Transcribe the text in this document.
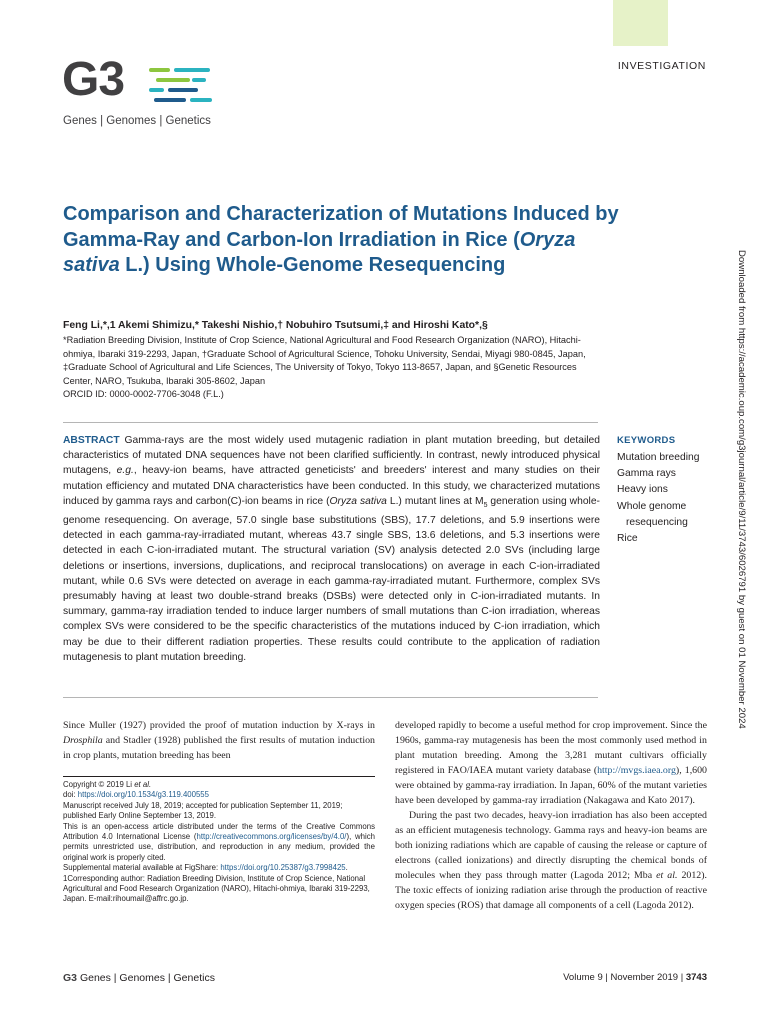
INVESTIGATION
G3
Genes | Genomes | Genetics
Comparison and Characterization of Mutations Induced by Gamma-Ray and Carbon-Ion Irradiation in Rice (Oryza sativa L.) Using Whole-Genome Resequencing
Feng Li,*,1 Akemi Shimizu,* Takeshi Nishio,† Nobuhiro Tsutsumi,‡ and Hiroshi Kato*,§
*Radiation Breeding Division, Institute of Crop Science, National Agricultural and Food Research Organization (NARO), Hitachi-ohmiya, Ibaraki 319-2293, Japan, †Graduate School of Agricultural Science, Tohoku University, Sendai, Miyagi 980-0845, Japan, ‡Graduate School of Agricultural and Life Sciences, The University of Tokyo, Tokyo 113-8657, Japan, and §Genetic Resources Center, NARO, Tsukuba, Ibaraki 305-8602, Japan
ORCID ID: 0000-0002-7706-3048 (F.L.)
ABSTRACT Gamma-rays are the most widely used mutagenic radiation in plant mutation breeding, but detailed characteristics of mutated DNA sequences have not been clarified sufficiently. In contrast, newly introduced physical mutagens, e.g., heavy-ion beams, have attracted geneticists' and breeders' interest and many studies on their mutation efficiency and mutated DNA characteristics have been conducted. In this study, we characterized mutations induced by gamma rays and carbon(C)-ion beams in rice (Oryza sativa L.) mutant lines at $M_5$ generation using whole-genome resequencing. On average, 57.0 single base substitutions (SBS), 17.7 deletions, and 5.9 insertions were detected in each gamma-ray-irradiated mutant, whereas 43.7 single SBS, 13.6 deletions, and 5.3 insertions were detected in each C-ion-irradiated mutant. The structural variation (SV) analysis detected 2.0 SVs (including large deletions or insertions, inversions, duplications, and reciprocal translocations) on average in each C-ion-irradiated mutant, while 0.6 SVs were detected on average in each gamma-ray-irradiated mutant. Furthermore, complex SVs presumably having at least two double-strand breaks (DSBs) were detected only in C-ion-irradiated mutants. In summary, gamma-ray irradiation tended to induce larger numbers of small mutations than C-ion irradiation, whereas complex SVs were considered to be the specific characteristics of the mutations induced by C-ion irradiation, which may be due to their different radiation properties. These results could contribute to the application of radiation mutagenesis to plant mutation breeding.
KEYWORDS
Mutation breeding
Gamma rays
Heavy ions
Whole genome resequencing
Rice

Since Muller (1927) provided the proof of mutation induction by X-rays in Drosphila and Stadler (1928) published the first results of mutation induction in crop plants, mutation breeding has been

Copyright © 2019 Li et al.
doi: https://doi.org/10.1534/g3.119.400555
Manuscript received July 18, 2019; accepted for publication September 11, 2019; published Early Online September 13, 2019.
This is an open-access article distributed under the terms of the Creative Commons Attribution 4.0 International License (http://creativecommons.org/licenses/by/4.0/), which permits unrestricted use, distribution, and reproduction in any medium, provided the original work is properly cited.
Supplemental material available at FigShare: https://doi.org/10.25387/g3.7998425.
1Corresponding author: Radiation Breeding Division, Institute of Crop Science, National Agricultural and Food Research Organization (NARO), Hitachi-ohmiya, Ibaraki 319-2293, Japan. E-mail:rihoumail@affrc.go.jp.

developed rapidly to become a useful method for crop improvement. Since the 1960s, gamma-ray mutagenesis has been the most commonly used method in plant mutation breeding. Among the 3,281 mutant cultivars officially registered in FAO/IAEA mutant variety database (http://mvgs.iaea.org), 1,600 were obtained by gamma-ray irradiation. In Japan, 60% of the mutant varieties have been developed by gamma-ray irradiation (Nakagawa and Kato 2017).

During the past two decades, heavy-ion irradiation has also been accepted as an efficient mutagenesis technology. Gamma rays and heavy-ion beams are both ionizing radiations which are capable of causing the release or capture of electrons (called ionizations) and directly disrupting the chemical bonds of molecules when they pass through matter (Lagoda 2012; Mba et al. 2012). The toxic effects of ionizing radiation arise through the production of reactive oxygen species (ROS) that damage all components of a cell (Lagoda 2012).

G3 Genes | Genomes | Genetics	Volume 9 | November 2019 | 3743
Downloaded from https://academic.oup.com/g3journal/article/9/11/3743/6026791 by guest on 01 November 2024
